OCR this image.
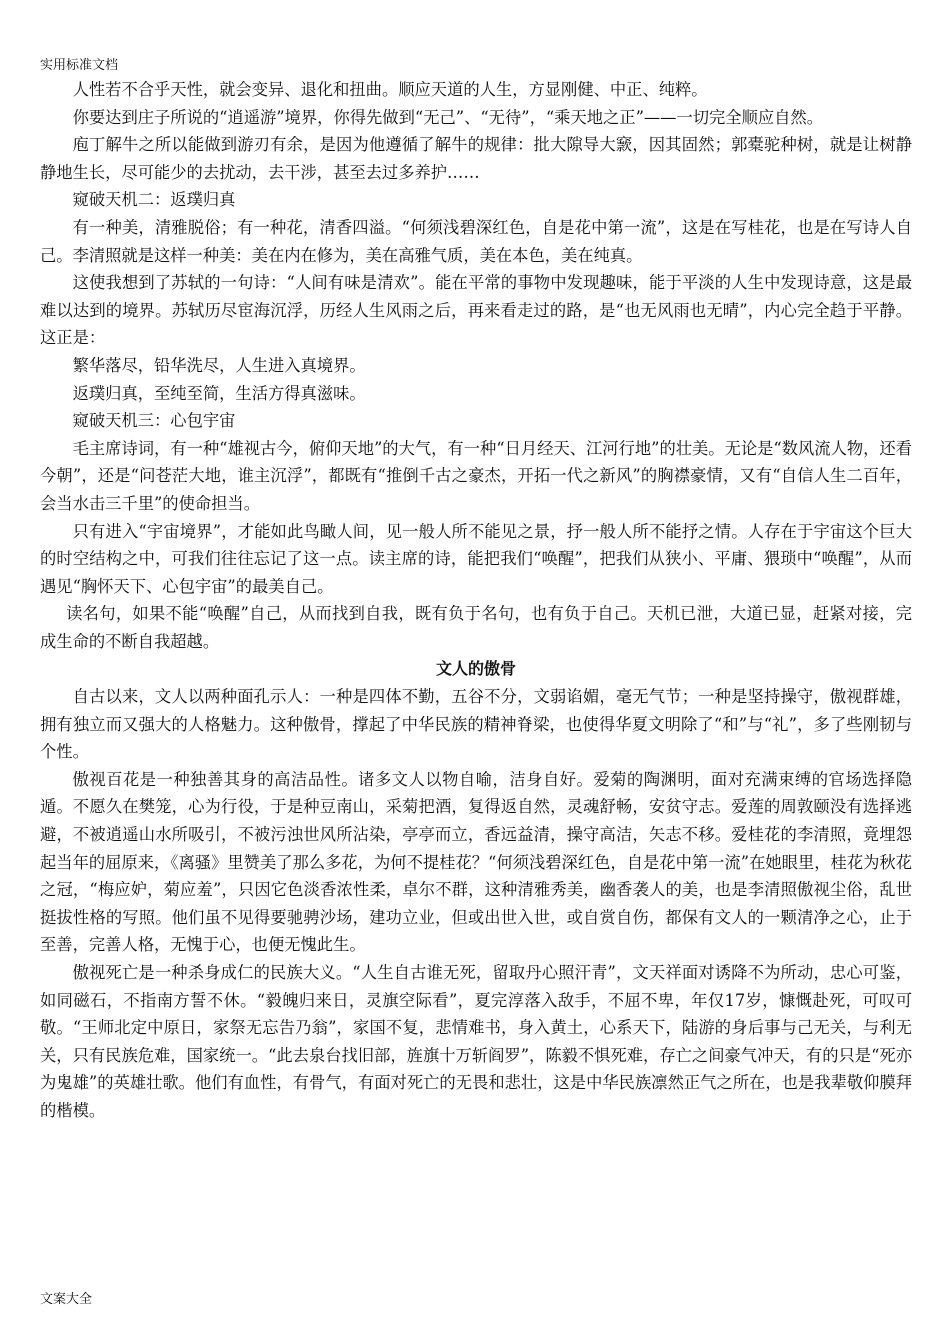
实用标准文档

人性若不合乎天性，就会变异、退化和扭曲。顺应天道的人生，方显刚健、中正、纯粹。

你要达到庄子所说的“逍遥游”境界，你得先做到“无己”、“无待”，“乘天地之正”——一切完全顺应自然。

庖丁解牛之所以能做到游刃有余，是因为他遵循了解牛的规律：批大隙导大窾，因其固然；郭橐驼种树，就是让树静静地生长，尽可能少的去扰动，去干涉，甚至去过多养护……

窥破天机二：返璞归真

有一种美，清雅脱俗；有一种花，清香四溢。“何须浅碧深红色，自是花中第一流”，这是在写桂花，也是在写诗人自己。李清照就是这样一种美：美在内在修为，美在高雅气质，美在本色，美在纯真。

这使我想到了苏轼的一句诗：“人间有味是清欢”。能在平常的事物中发现趣味，能于平淡的人生中发现诗意，这是最难以达到的境界。苏轼历尽宦海沉浮，历经人生风雨之后，再来看走过的路，是“也无风雨也无晴”，内心完全趋于平静。这正是：

繁华落尽，铅华洗尽，人生进入真境界。

返璞归真，至纯至简，生活方得真滋味。

窥破天机三：心包宇宙

毛主席诗词，有一种“雄视古今，俯仰天地”的大气，有一种“日月经天、江河行地”的壮美。无论是“数风流人物，还看今朝”，还是“问苍茫大地，谁主沉浮”，都既有“推倒千古之豪杰，开拓一代之新风”的胸襟豪情，又有“自信人生二百年，会当水击三千里”的使命担当。

只有进入“宇宙境界”，才能如此鸟瞰人间，见一般人所不能见之景，抒一般人所不能抒之情。人存在于宇宙这个巨大的时空结构之中，可我们往往忘记了这一点。读主席的诗，能把我们“唤醒”，把我们从狭小、平庸、猥琐中“唤醒”，从而遇见“胸怀天下、心包宇宙”的最美自己。

读名句，如果不能“唤醒”自己，从而找到自我，既有负于名句，也有负于自己。天机已泄，大道已显，赶紧对接，完成生命的不断自我超越。

文人的傲骨

自古以来，文人以两种面孔示人：一种是四体不勤，五谷不分，文弱谄媚，毫无气节；一种是坚持操守，傲视群雄，拥有独立而又强大的人格魅力。这种傲骨，撑起了中华民族的精神脊梁，也使得华夏文明除了“和”与“礼”，多了些刚韧与个性。

傲视百花是一种独善其身的高洁品性。诸多文人以物自喻，洁身自好。爱菊的陶渊明，面对充满束缚的官场选择隐遁。不愿久在樊笼，心为行役，于是种豆南山，采菊把酒，复得返自然，灵魂舒畅，安贫守志。爱莲的周敦颐没有选择逃避，不被逍遥山水所吸引，不被污浊世风所沾染，亭亭而立，香远益清，操守高洁，矢志不移。爱桂花的李清照，竟埋怨起当年的屈原来，《离骚》里赞美了那么多花，为何不提桂花？“何须浅碧深红色，自是花中第一流”在她眼里，桂花为秋花之冠，“梅应妒，菊应羞”，只因它色淡香浓性柔，卓尔不群，这种清雅秀美，幽香袭人的美，也是李清照傲视尘俗，乱世挺拔性格的写照。他们虽不见得要驰骋沙场，建功立业，但或出世入世，或自赏自伤，都保有文人的一颗清净之心，止于至善，完善人格，无愧于心，也便无愧此生。

傲视死亡是一种杀身成仁的民族大义。“人生自古谁无死，留取丹心照汗青”，文天祥面对诱降不为所动，忠心可鉴，如同磁石，不指南方誓不休。“毅魄归来日，灵旗空际看”，夏完淳落入敌手，不屈不卑，年仅17岁，慷慨赴死，可叹可敬。“王师北定中原日，家祭无忘告乃翁”，家国不复，悲情难书，身入黄土，心系天下，陆游的身后事与己无关，与利无关，只有民族危难，国家统一。“此去泉台找旧部，旌旗十万斩阎罗”，陈毅不惧死难，存亡之间豪气冲天，有的只是“死亦为鬼雄”的英雄壮歌。他们有血性，有骨气，有面对死亡的无畏和悲壮，这是中华民族凛然正气之所在，也是我辈敬仰膜拜的楷模。

文案大全
